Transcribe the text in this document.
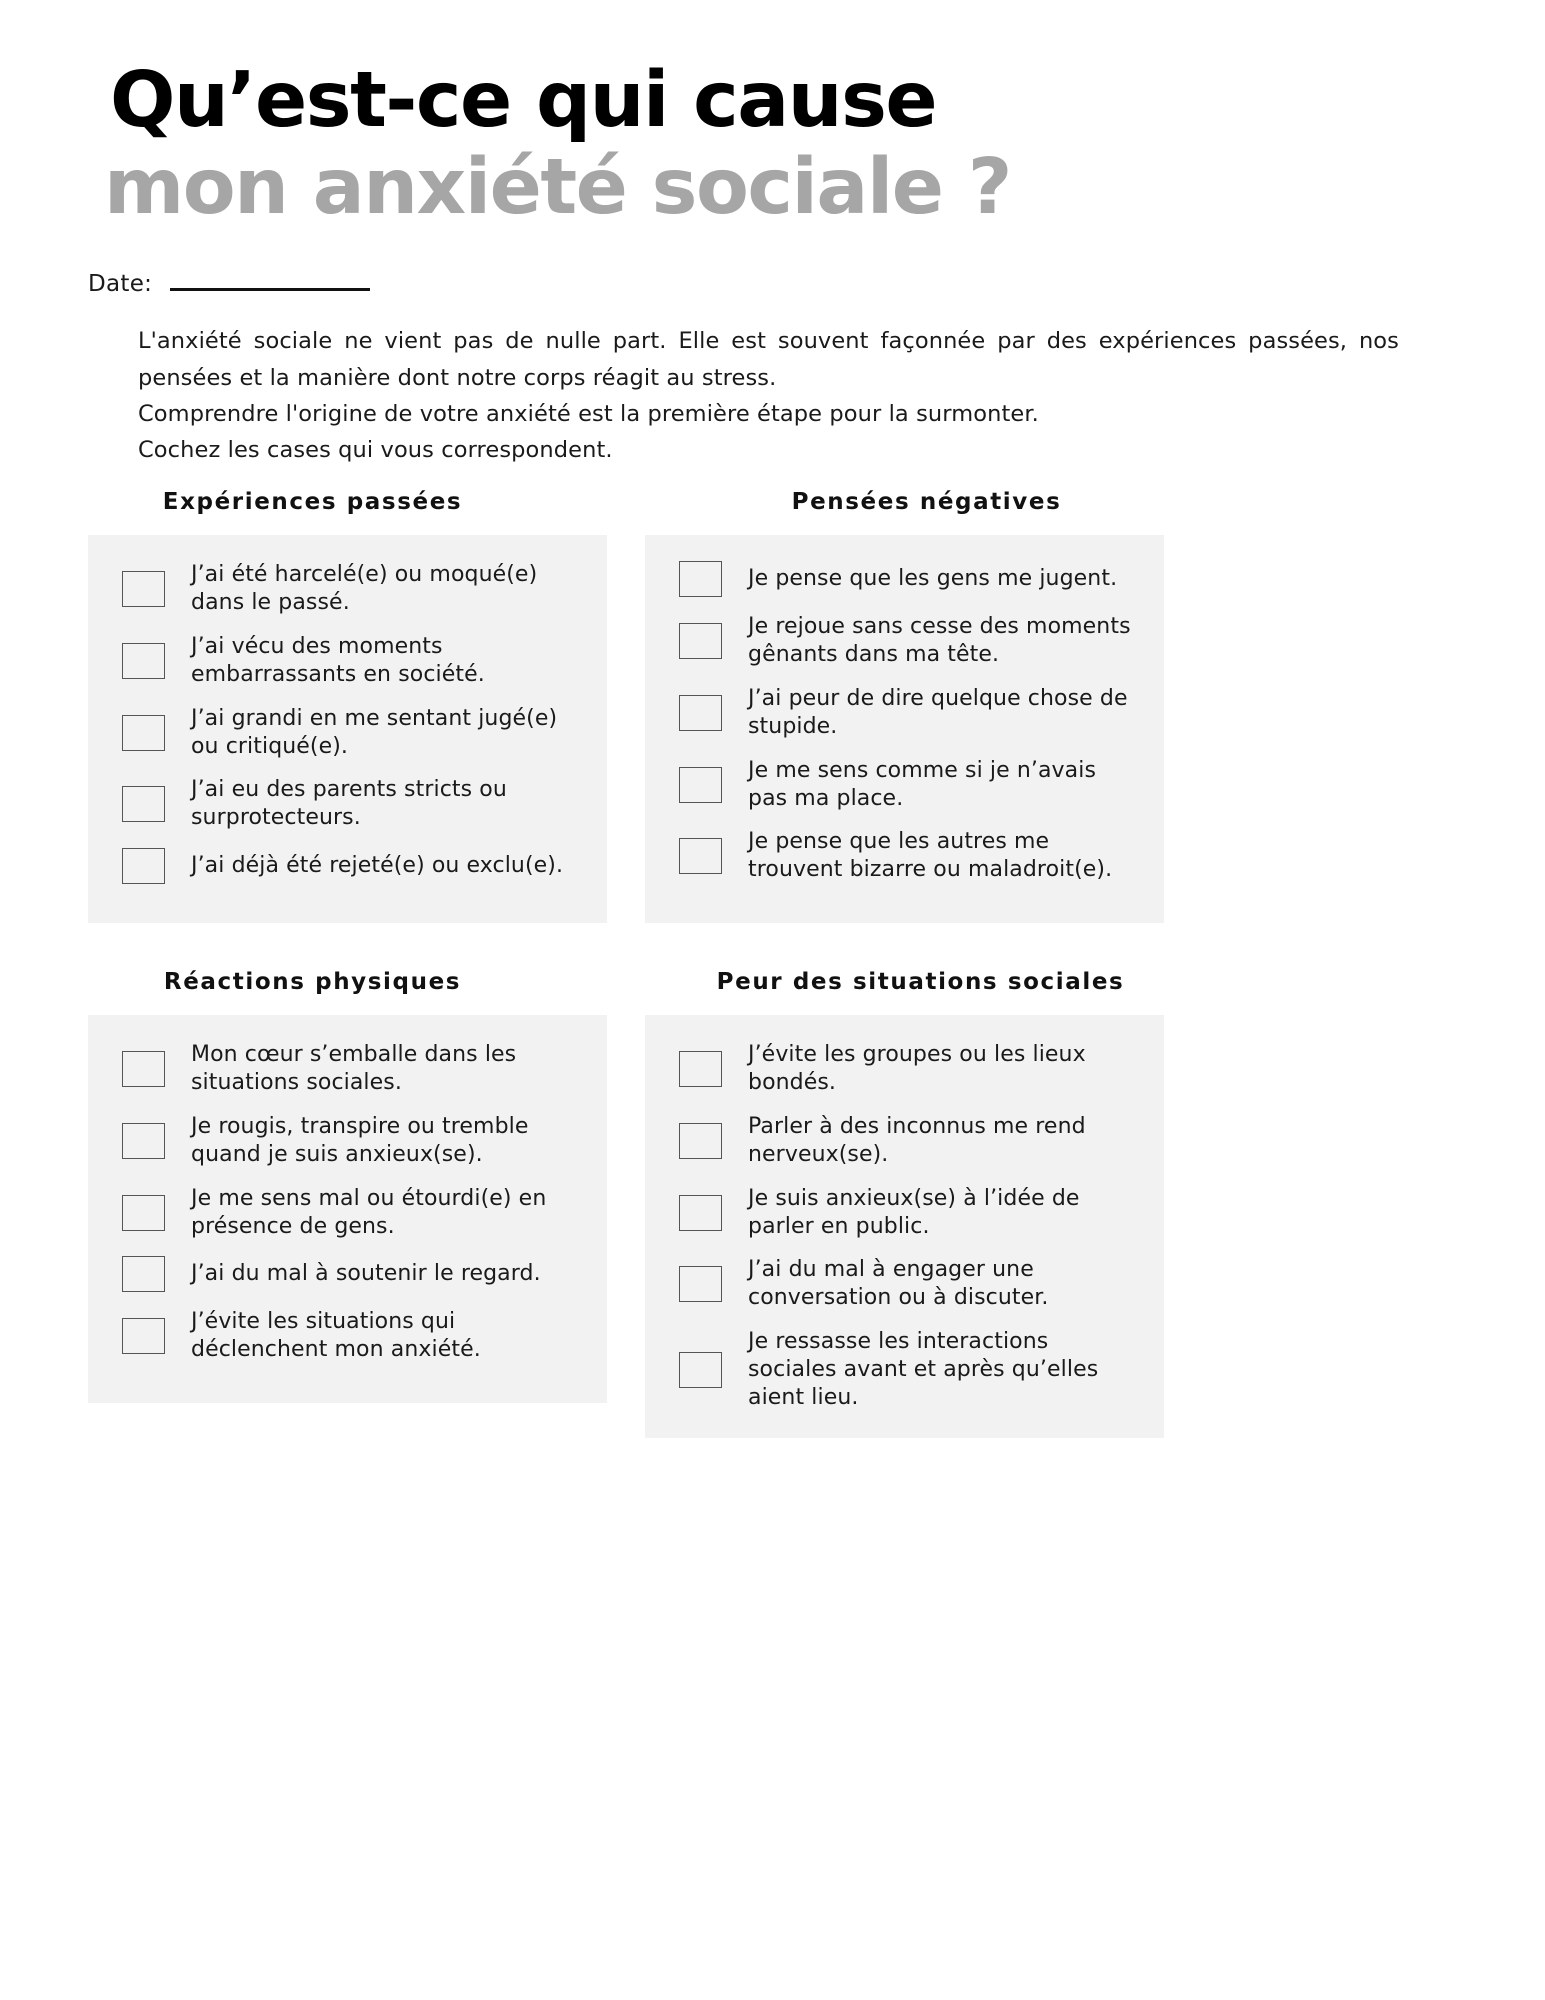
Qu’est-ce qui cause
mon anxiété sociale ?
Date:

L'anxiété sociale ne vient pas de nulle part. Elle est souvent façonnée par des expériences passées, nos pensées et la manière dont notre corps réagit au stress.

Comprendre l'origine de votre anxiété est la première étape pour la surmonter.

Cochez les cases qui vous correspondent.

Expériences passées
J’ai été harcelé(e) ou moqué(e) dans le passé.
J’ai vécu des moments embarrassants en société.
J’ai grandi en me sentant jugé(e) ou critiqué(e).
J’ai eu des parents stricts ou surprotecteurs.
J’ai déjà été rejeté(e) ou exclu(e).
Pensées négatives
Je pense que les gens me jugent.
Je rejoue sans cesse des moments gênants dans ma tête.
J’ai peur de dire quelque chose de stupide.
Je me sens comme si je n’avais pas ma place.
Je pense que les autres me trouvent bizarre ou maladroit(e).
Réactions physiques
Mon cœur s’emballe dans les situations sociales.
Je rougis, transpire ou tremble quand je suis anxieux(se).
Je me sens mal ou étourdi(e) en présence de gens.
J’ai du mal à soutenir le regard.
J’évite les situations qui déclenchent mon anxiété.
Peur des situations sociales
J’évite les groupes ou les lieux bondés.
Parler à des inconnus me rend nerveux(se).
Je suis anxieux(se) à l’idée de parler en public.
J’ai du mal à engager une conversation ou à discuter.
Je ressasse les interactions sociales avant et après qu’elles aient lieu.
